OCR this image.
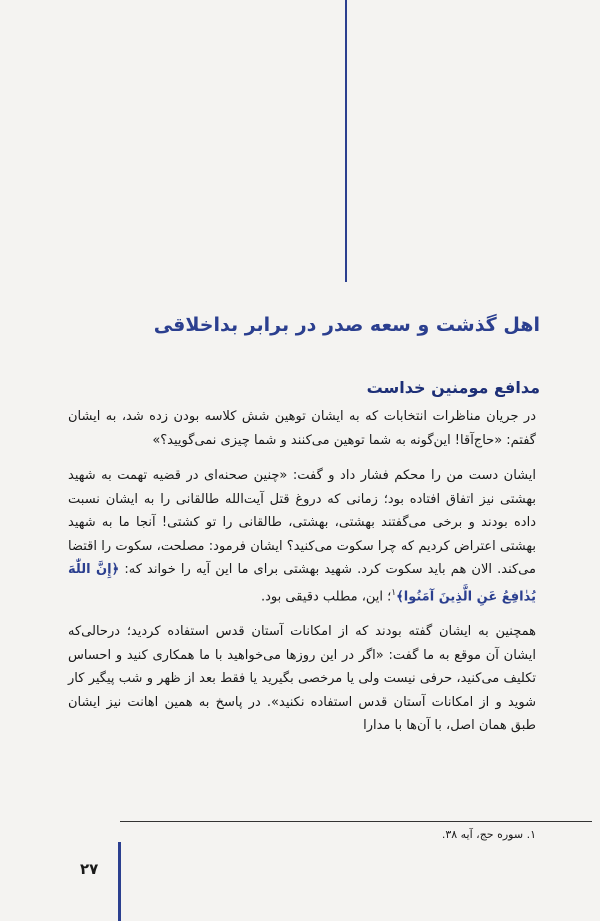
اهل گذشت و سعه صدر در برابر بداخلاقی
مدافع مومنین خداست

در جریان مناظرات انتخابات که به ایشان توهین شش کلاسه بودن زده شد، به ایشان گفتم: «حاج‌آقا! این‌گونه به شما توهین می‌کنند و شما چیزی نمی‌گویید؟»

ایشان دست من را محکم فشار داد و گفت: «چنین صحنه‌ای در قضیه تهمت به شهید بهشتی نیز اتفاق افتاده بود؛ زمانی که دروغ قتل آیت‌الله طالقانی را به ایشان نسبت داده بودند و برخی می‌گفتند بهشتی، بهشتی، طالقانی را تو کشتی! آنجا ما به شهید بهشتی اعتراض کردیم که چرا سکوت می‌کنید؟ ایشان فرمود: مصلحت، سکوت را اقتضا می‌کند. الان هم باید سکوت کرد. شهید بهشتی برای ما این آیه را خواند که: ﴿إِنَّ اللّٰهَ يُدٰافِعُ عَنِ الَّذِينَ آمَنُوا﴾$^۱$؛ این، مطلب دقیقی بود.

همچنین به ایشان گفته بودند که از امکانات آستان قدس استفاده کردید؛ درحالی‌که ایشان آن موقع به ما گفت: «اگر در این روزها می‌خواهید با ما همکاری کنید و احساس تکلیف می‌کنید، حرفی نیست ولی یا مرخصی بگیرید یا فقط بعد از ظهر و شب پیگیر کار شوید و از امکانات آستان قدس استفاده نکنید». در پاسخ به همین اهانت نیز ایشان طبق همان اصل، با آن‌ها با مدارا

۱. سوره حج، آیه ۳۸.

۲۷
